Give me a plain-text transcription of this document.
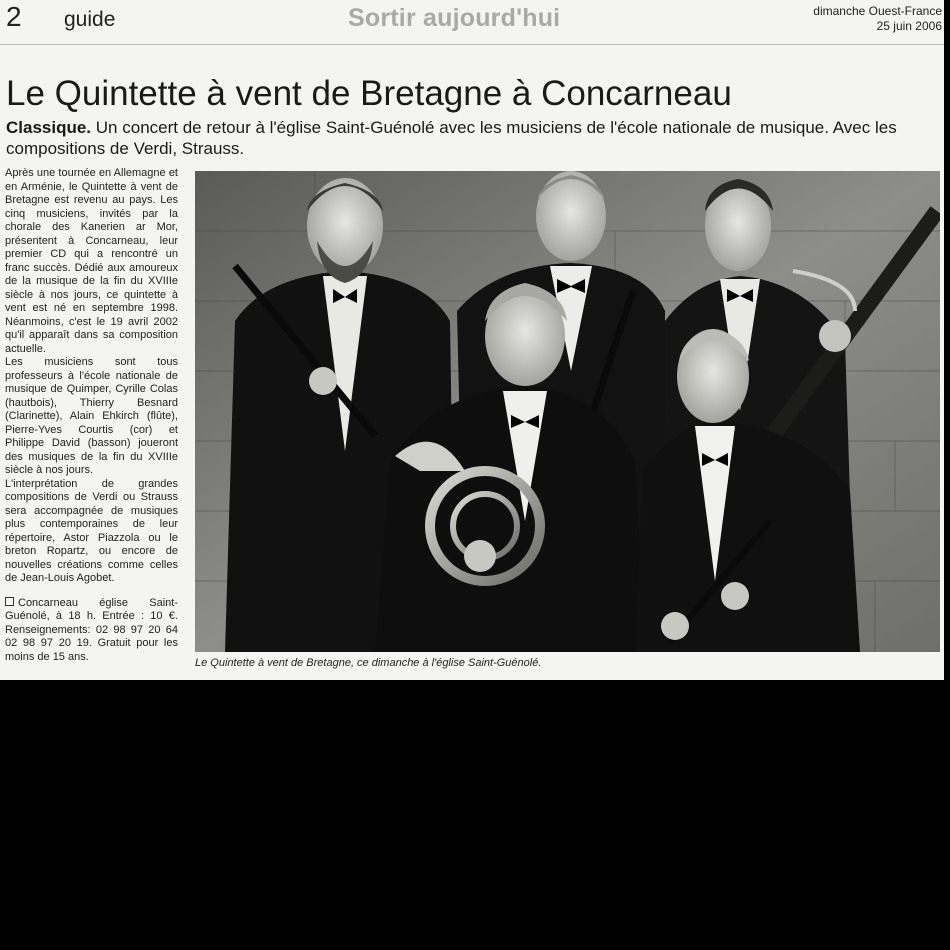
2 guide	Sortir aujourd'hui	dimanche Ouest-France
25 juin 2006
Le Quintette à vent de Bretagne à Concarneau
Classique. Un concert de retour à l'église Saint-Guénolé avec les musiciens de l'école nationale de musique. Avec les compositions de Verdi, Strauss.

Après une tournée en Allemagne et en Arménie, le Quintette à vent de Bretagne est revenu au pays. Les cinq musiciens, invités par la chorale des Kanerien ar Mor, présentent à Concarneau, leur premier CD qui a rencontré un franc succès. Dédié aux amoureux de la musique de la fin du XVIIIe siècle à nos jours, ce quintette à vent est né en septembre 1998. Néanmoins, c'est le 19 avril 2002 qu'il apparaît dans sa composition actuelle.

Les musiciens sont tous professeurs à l'école nationale de musique de Quimper, Cyrille Colas (hautbois), Thierry Besnard (Clarinette), Alain Ehkirch (flûte), Pierre-Yves Courtis (cor) et Philippe David (basson) joueront des musiques de la fin du XVIIIe siècle à nos jours.

L'interprétation de grandes compositions de Verdi ou Strauss sera accompagnée de musiques plus contemporaines de leur répertoire, Astor Piazzola ou le breton Ropartz, ou encore de nouvelles créations comme celles de Jean-Louis Agobet.

Concarneau église Saint-Guénolé, à 18 h. Entrée : 10 €. Renseignements: 02 98 97 20 64 02 98 97 20 19. Gratuit pour les moins de 15 ans.

Le Quintette à vent de Bretagne, ce dimanche à l'église Saint-Guénolé.
